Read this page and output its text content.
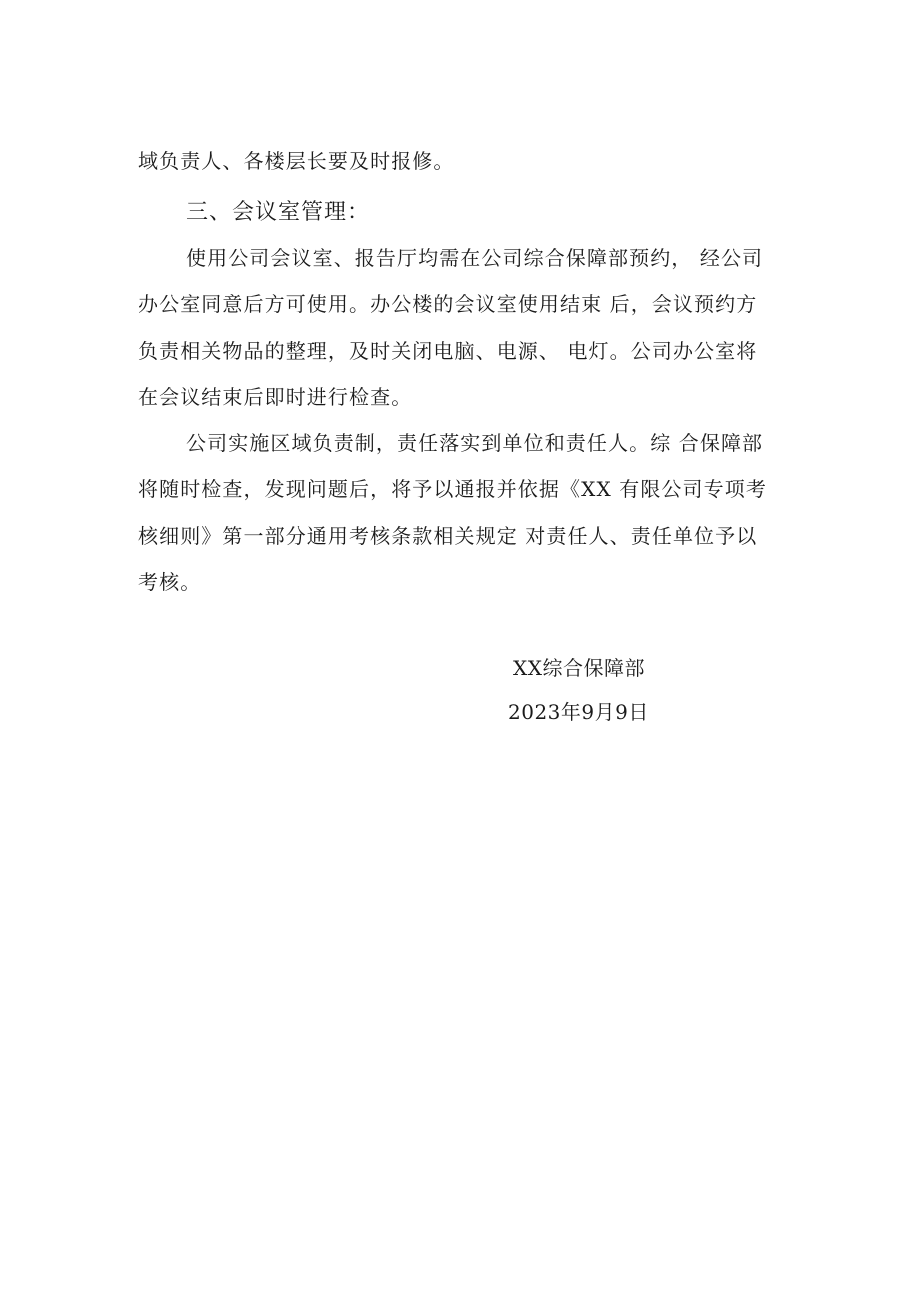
域负责人、各楼层长要及时报修。
三、会议室管理：
使用公司会议室、报告厅均需在公司综合保障部预约， 经公司
办公室同意后方可使用。办公楼的会议室使用结束 后，会议预约方
负责相关物品的整理，及时关闭电脑、电源、 电灯。公司办公室将
在会议结束后即时进行检查。
公司实施区域负责制，责任落实到单位和责任人。综 合保障部
将随时检查，发现问题后，将予以通报并依据《XX 有限公司专项考
核细则》第一部分通用考核条款相关规定 对责任人、责任单位予以
考核。
XX综合保障部
2023年9月9日
